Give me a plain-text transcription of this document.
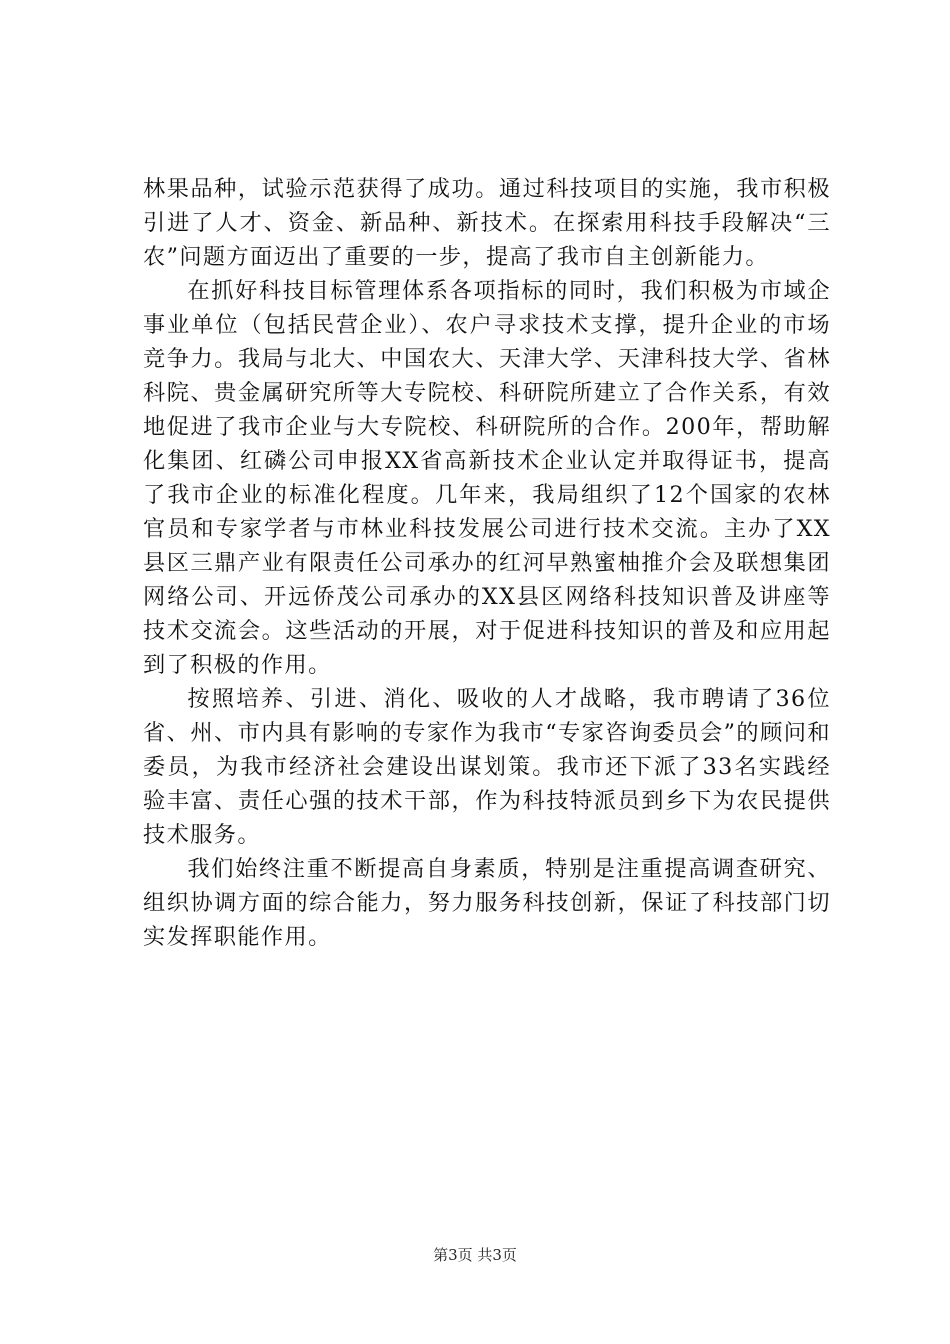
林果品种，试验示范获得了成功。通过科技项目的实施，我市积极引进了人才、资金、新品种、新技术。在探索用科技手段解决“三农”问题方面迈出了重要的一步，提高了我市自主创新能力。

在抓好科技目标管理体系各项指标的同时，我们积极为市域企事业单位（包括民营企业）、农户寻求技术支撑，提升企业的市场竞争力。我局与北大、中国农大、天津大学、天津科技大学、省林科院、贵金属研究所等大专院校、科研院所建立了合作关系，有效地促进了我市企业与大专院校、科研院所的合作。200年，帮助解化集团、红磷公司申报XX省高新技术企业认定并取得证书，提高了我市企业的标准化程度。几年来，我局组织了12个国家的农林官员和专家学者与市林业科技发展公司进行技术交流。主办了XX县区三鼎产业有限责任公司承办的红河早熟蜜柚推介会及联想集团网络公司、开远侨茂公司承办的XX县区网络科技知识普及讲座等技术交流会。这些活动的开展，对于促进科技知识的普及和应用起到了积极的作用。

按照培养、引进、消化、吸收的人才战略，我市聘请了36位省、州、市内具有影响的专家作为我市“专家咨询委员会”的顾问和委员，为我市经济社会建设出谋划策。我市还下派了33名实践经验丰富、责任心强的技术干部，作为科技特派员到乡下为农民提供技术服务。

我们始终注重不断提高自身素质，特别是注重提高调查研究、组织协调方面的综合能力，努力服务科技创新，保证了科技部门切实发挥职能作用。

第3页 共3页
